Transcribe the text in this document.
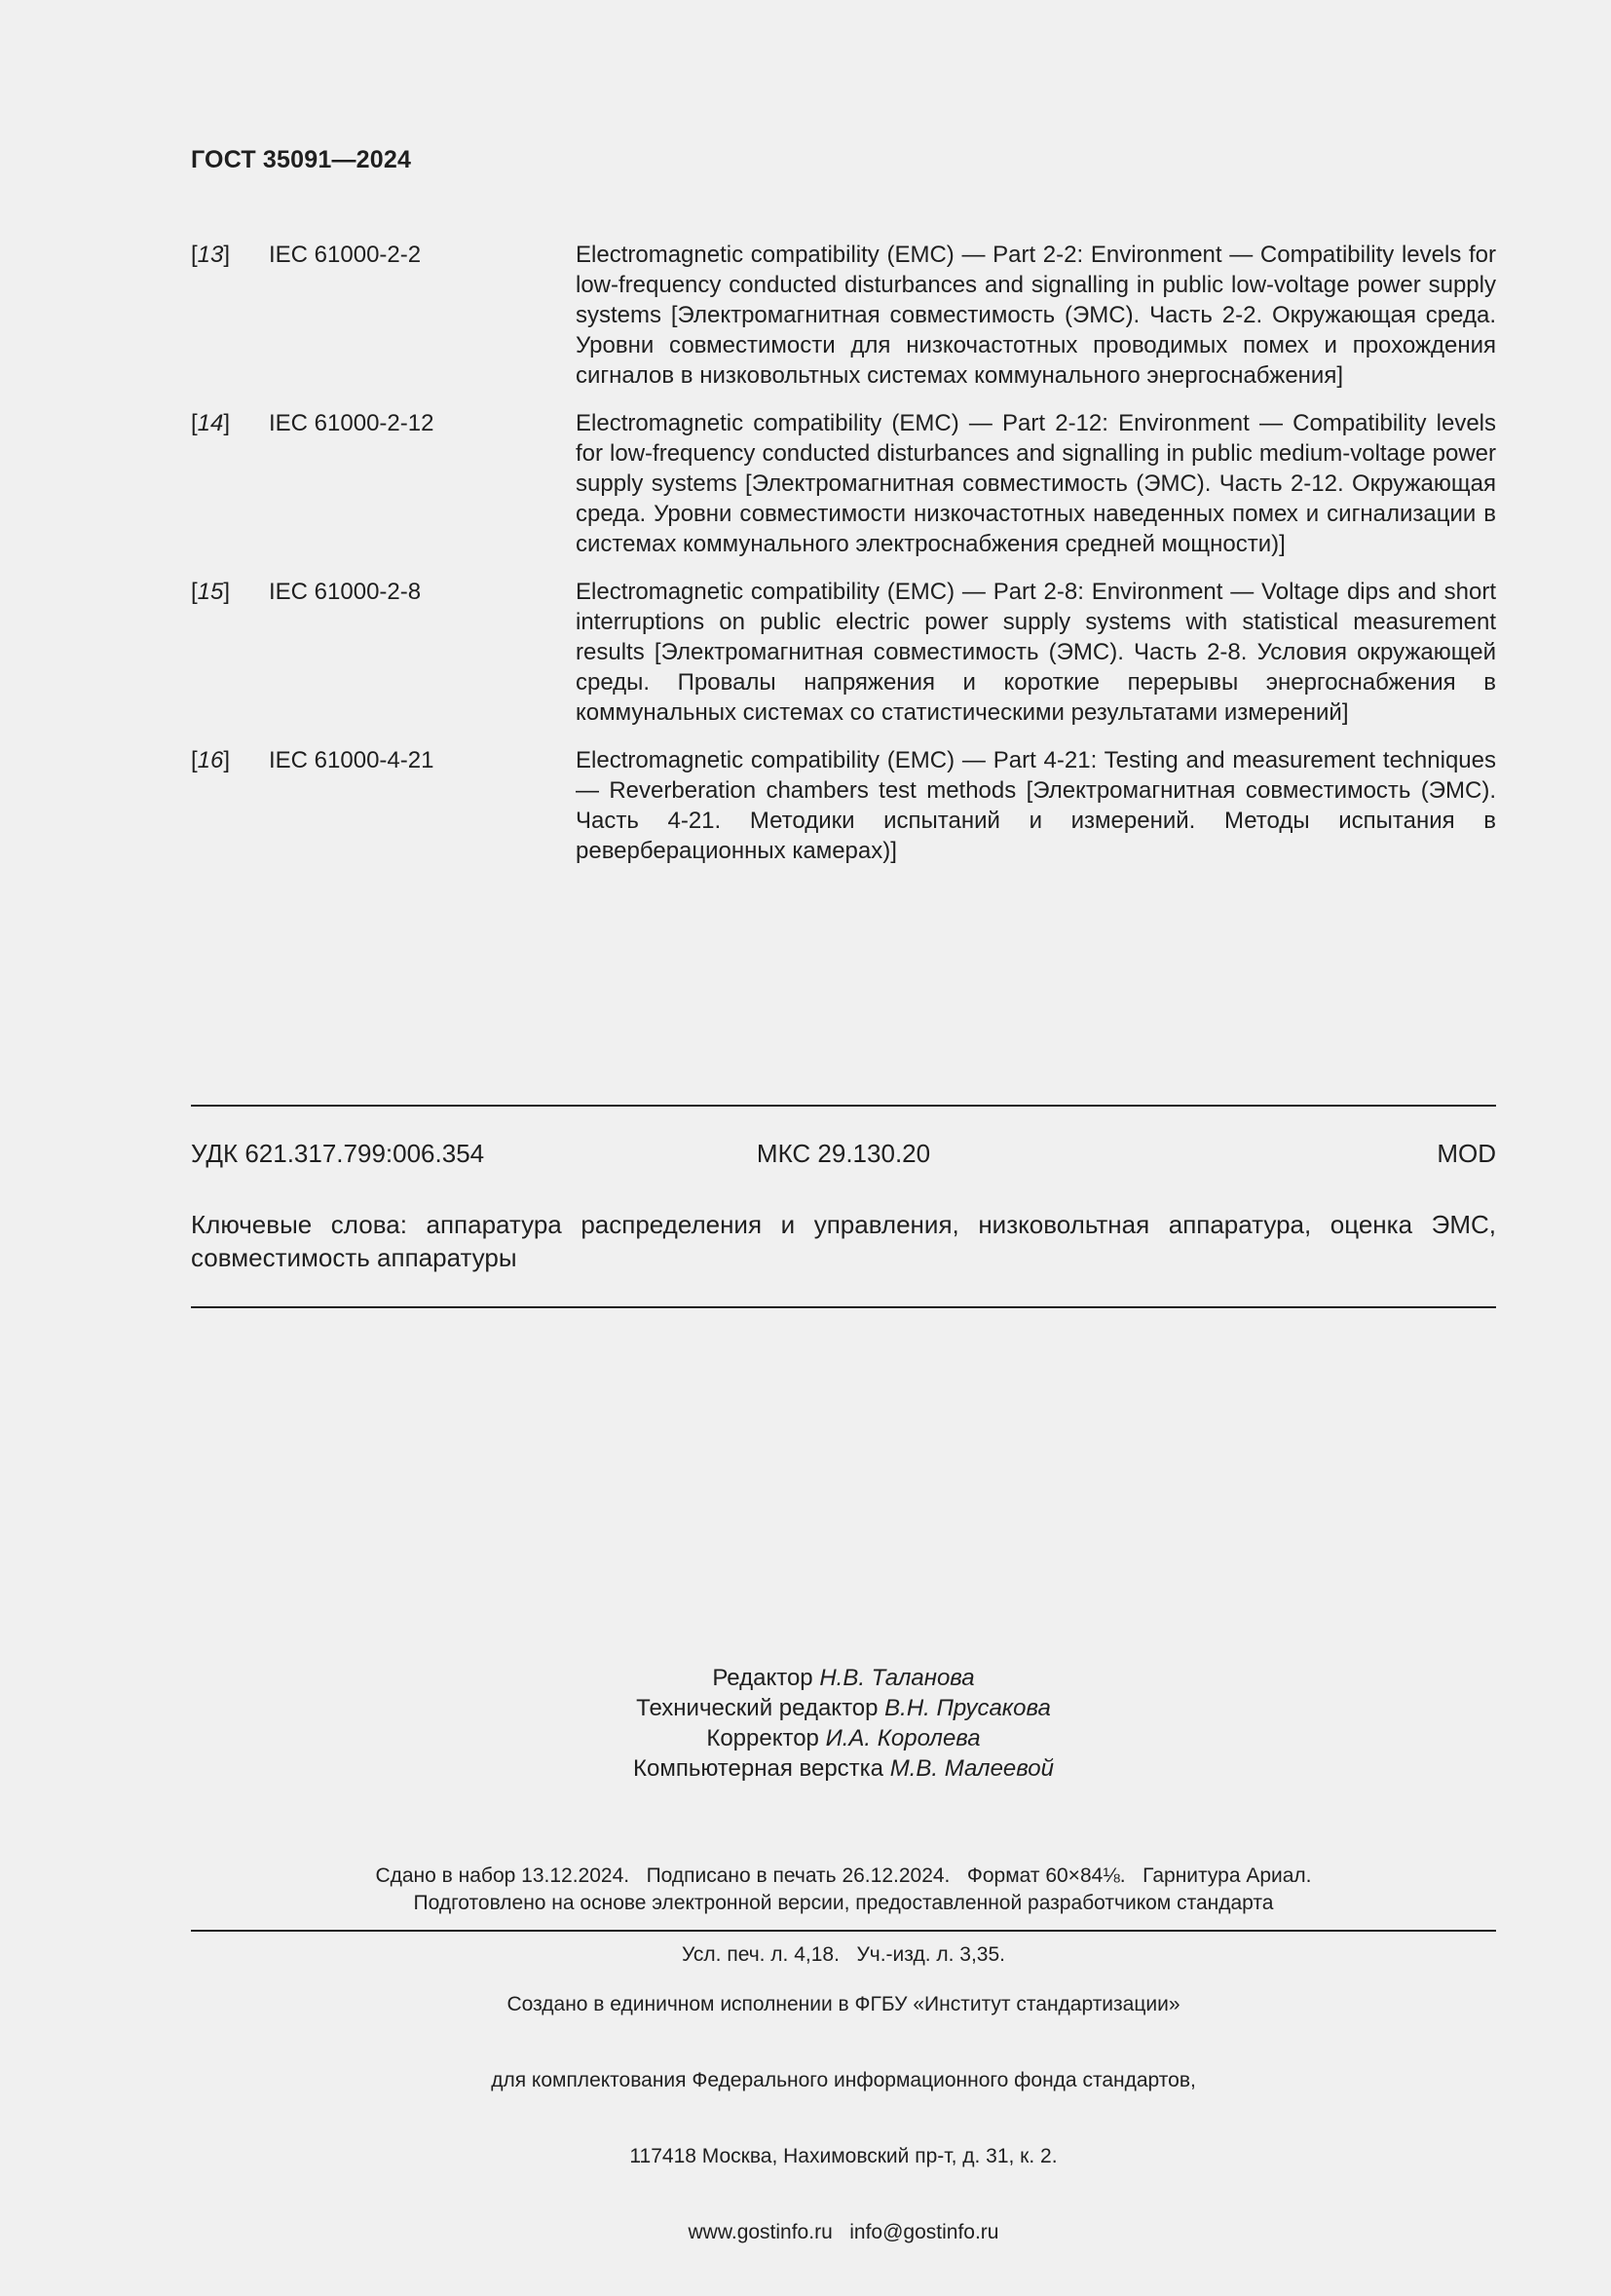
ГОСТ 35091—2024
[13]	IEC 61000-2-2	Electromagnetic compatibility (EMC) — Part 2-2: Environment — Compatibility levels for low-frequency conducted disturbances and signalling in public low-voltage power supply systems [Электромагнитная совместимость (ЭМС). Часть 2-2. Окружающая среда. Уровни совместимости для низкочастотных проводимых помех и прохождения сигналов в низковольтных системах коммунального энергоснабжения]
[14]	IEC 61000-2-12	Electromagnetic compatibility (EMC) — Part 2-12: Environment — Compatibility levels for low-frequency conducted disturbances and signalling in public medium-voltage power supply systems [Электромагнитная совместимость (ЭМС). Часть 2-12. Окружающая среда. Уровни совместимости низкочастотных наведенных помех и сигнализации в системах коммунального электроснабжения средней мощности)]
[15]	IEC 61000-2-8	Electromagnetic compatibility (EMC) — Part 2-8: Environment — Voltage dips and short interruptions on public electric power supply systems with statistical measurement results [Электромагнитная совместимость (ЭМС). Часть 2-8. Условия окружающей среды. Провалы напряжения и короткие перерывы энергоснабжения в коммунальных системах со статистическими результатами измерений]
[16]	IEC 61000-4-21	Electromagnetic compatibility (EMC) — Part 4-21: Testing and measurement techniques — Reverberation chambers test methods [Электромагнитная совместимость (ЭМС). Часть 4-21. Методики испытаний и измерений. Методы испытания в реверберационных камерах)]
УДК 621.317.799:006.354	МКС 29.130.20	MOD
Ключевые слова: аппаратура распределения и управления, низковольтная аппаратура, оценка ЭМС, совместимость аппаратуры
Редактор Н.В. Таланова
Технический редактор В.Н. Прусакова
Корректор И.А. Королева
Компьютерная верстка М.В. Малеевой

Сдано в набор 13.12.2024.   Подписано в печать 26.12.2024.   Формат 60×84⅛.   Гарнитура Ариал.

Усл. печ. л. 4,18.   Уч.-изд. л. 3,35.

Подготовлено на основе электронной версии, предоставленной разработчиком стандарта

Создано в единичном исполнении в ФГБУ «Институт стандартизации»

для комплектования Федерального информационного фонда стандартов,

117418 Москва, Нахимовский пр-т, д. 31, к. 2.

www.gostinfo.ru   info@gostinfo.ru
